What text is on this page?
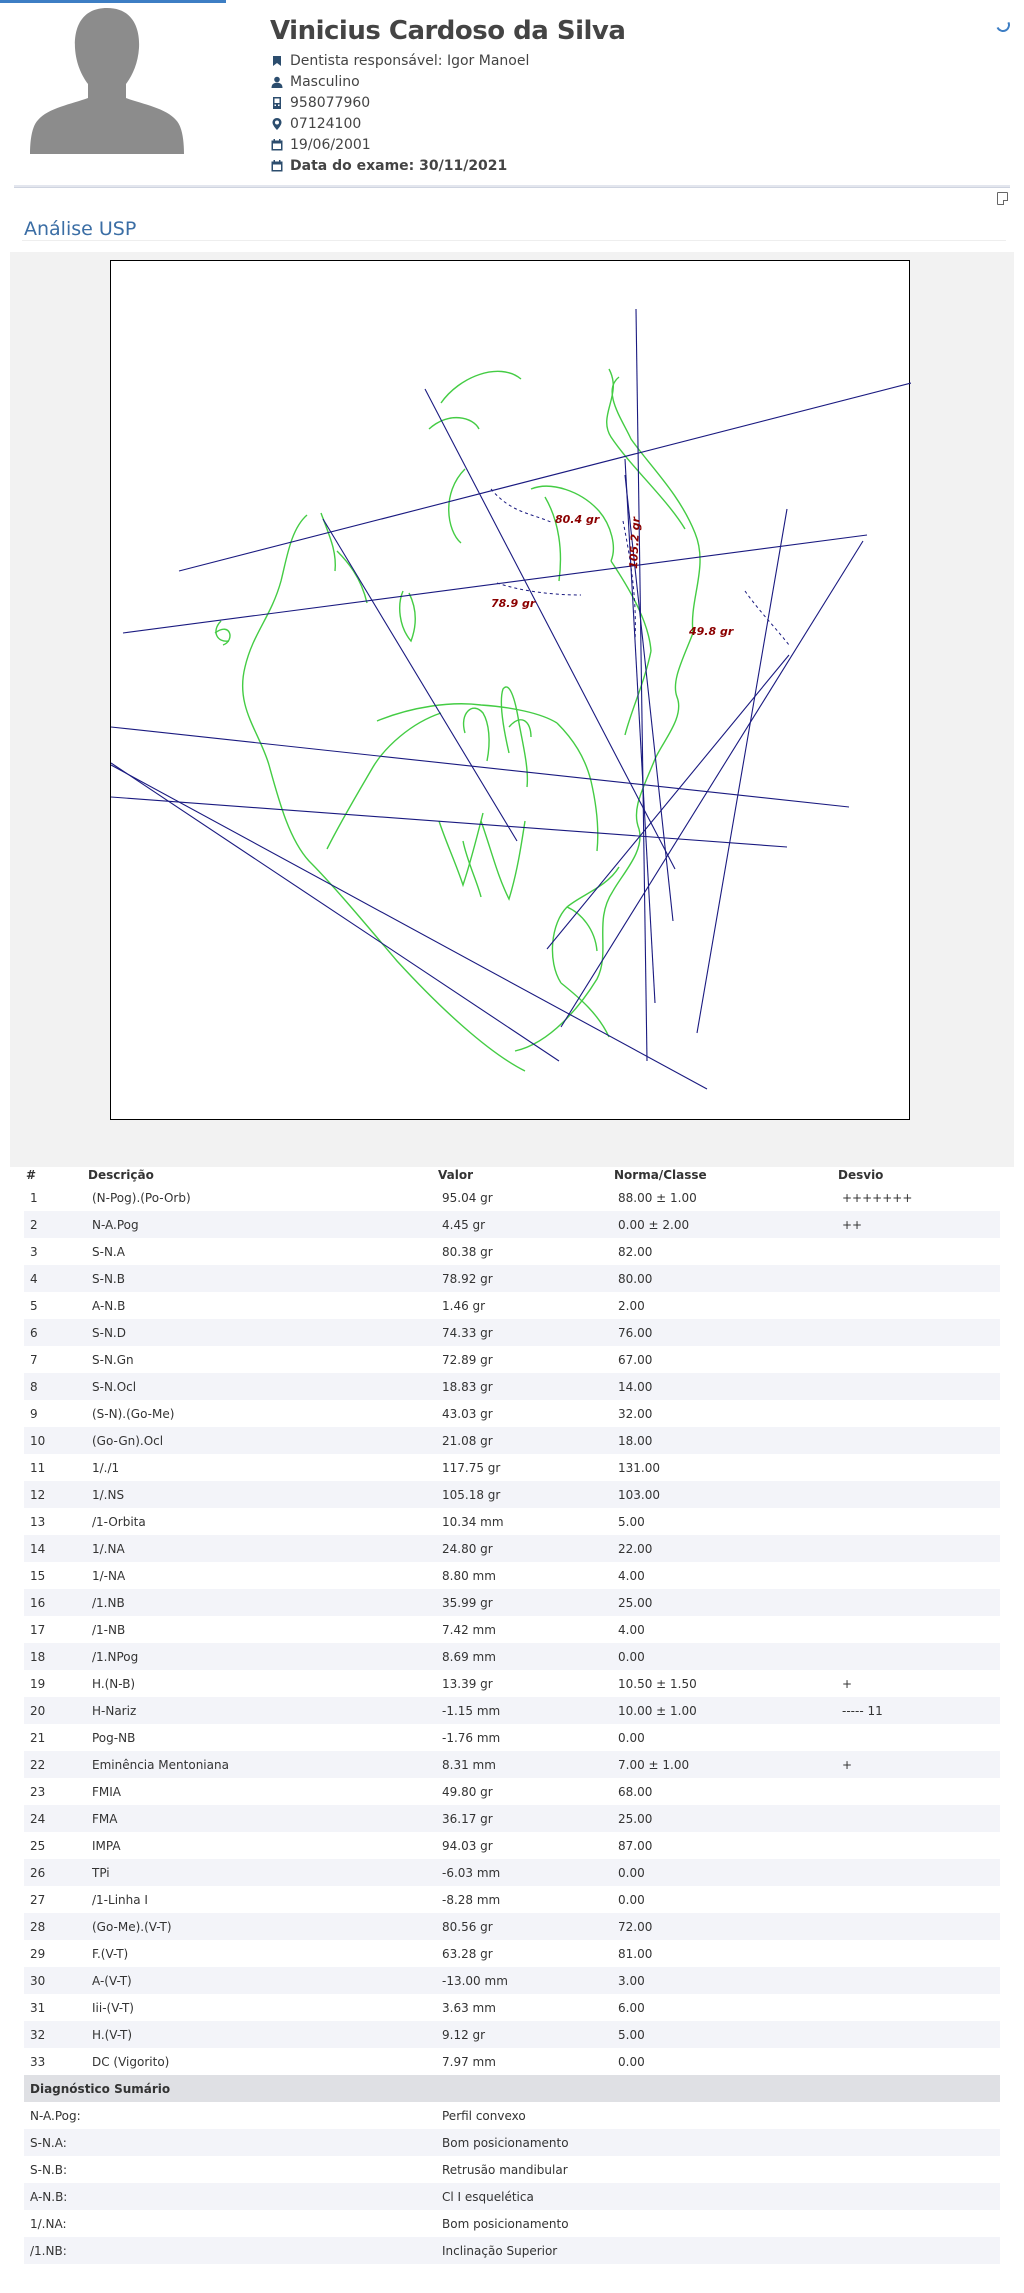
Vinicius Cardoso da Silva
Dentista responsável: Igor Manoel
Masculino
958077960
07124100
19/06/2001
Data do exame: 30/11/2021
Análise USP
80.4 gr
78.9 gr
105.2 gr
49.8 gr
#	Descrição	Valor	Norma/Classe	Desvio
1	(N-Pog).(Po-Orb)	95.04 gr	88.00 ± 1.00	+++++++
2	N-A.Pog	4.45 gr	0.00 ± 2.00	++
3	S-N.A	80.38 gr	82.00	
4	S-N.B	78.92 gr	80.00	
5	A-N.B	1.46 gr	2.00	
6	S-N.D	74.33 gr	76.00	
7	S-N.Gn	72.89 gr	67.00	
8	S-N.Ocl	18.83 gr	14.00	
9	(S-N).(Go-Me)	43.03 gr	32.00	
10	(Go-Gn).Ocl	21.08 gr	18.00	
11	1/./1	117.75 gr	131.00	
12	1/.NS	105.18 gr	103.00	
13	/1-Orbita	10.34 mm	5.00	
14	1/.NA	24.80 gr	22.00	
15	1/-NA	8.80 mm	4.00	
16	/1.NB	35.99 gr	25.00	
17	/1-NB	7.42 mm	4.00	
18	/1.NPog	8.69 mm	0.00	
19	H.(N-B)	13.39 gr	10.50 ± 1.50	+
20	H-Nariz	-1.15 mm	10.00 ± 1.00	----- 11
21	Pog-NB	-1.76 mm	0.00	
22	Eminência Mentoniana	8.31 mm	7.00 ± 1.00	+
23	FMIA	49.80 gr	68.00	
24	FMA	36.17 gr	25.00	
25	IMPA	94.03 gr	87.00	
26	TPi	-6.03 mm	0.00	
27	/1-Linha I	-8.28 mm	0.00	
28	(Go-Me).(V-T)	80.56 gr	72.00	
29	F.(V-T)	63.28 gr	81.00	
30	A-(V-T)	-13.00 mm	3.00	
31	Iii-(V-T)	3.63 mm	6.00	
32	H.(V-T)	9.12 gr	5.00	
33	DC (Vigorito)	7.97 mm	0.00	
Diagnóstico Sumário				
N-A.Pog:		Perfil convexo		
S-N.A:		Bom posicionamento		
S-N.B:		Retrusão mandibular		
A-N.B:		Cl I esquelética		
1/.NA:		Bom posicionamento		
/1.NB:		Inclinação Superior		
